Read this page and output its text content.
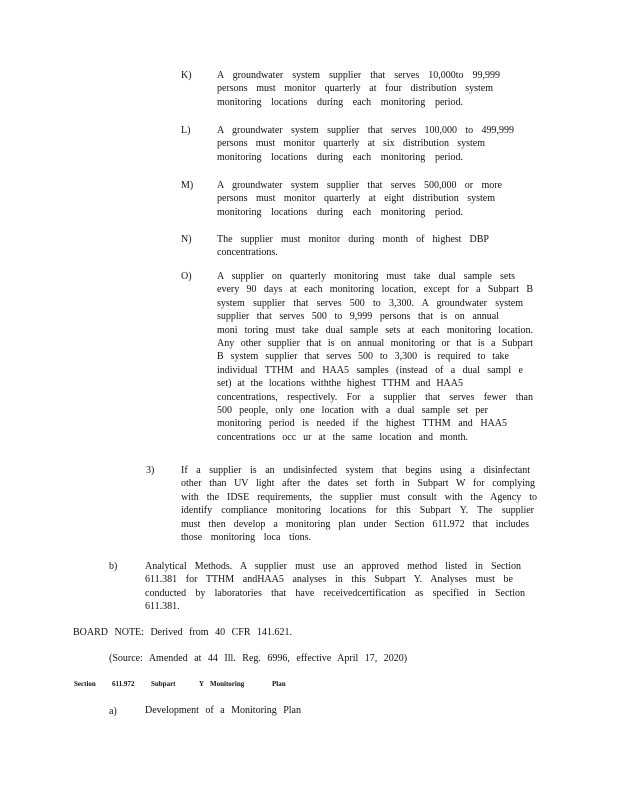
K)	A groundwater system supplier that serves 10,000to 99,999
persons must monitor quarterly at four distribution system
monitoring locations during each monitoring period.
L)	A groundwater system supplier that serves 100,000 to 499,999
persons must monitor quarterly at six distribution system
monitoring locations during each monitoring period.
M) A groundwater system supplier that serves 500,000 or more
persons must monitor quarterly at eight distribution system
monitoring locations during each monitoring period.
N)	The supplier must monitor during month of highest DBP
concentrations.
O)	A supplier on quarterly monitoring must take dual sample sets
every 90 days at each monitoring location, except for a Subpart B
system supplier that serves 500 to 3,300. A groundwater system
supplier that serves 500 to 9,999 persons that is on annual
moni toring must take dual sample sets at each monitoring location.
Any other supplier that is on annual monitoring or that is a Subpart
B system supplier that serves 500 to 3,300 is required to take
individual TTHM and HAA5 samples (instead of a dual sampl e
set) at the locations withthe highest TTHM and HAA5
concentrations, respectively. For a supplier that serves fewer than
500 people, only one location with a dual sample set per
monitoring period is needed if the highest TTHM and HAA5
concentrations occ ur at the same location and month.
3)	If a supplier is an undisinfected system that begins using a disinfectant
other than UV light after the dates set forth in Subpart W for complying
with the IDSE requirements, the supplier must consult with the Agency to
identify compliance monitoring locations for this Subpart Y. The supplier
must then develop a monitoring plan under Section 611.972 that includes
those monitoring loca tions.
b)	Analytical Methods. A supplier must use an approved method listed in Section
611.381 for TTHM andHAA5 analyses in this Subpart Y. Analyses must be
conducted by laboratories that have receivedcertification as specified in Section
611.381.
BOARD NOTE: Derived from 40 CFR 141.621.
(Source: Amended at 44 Ill. Reg. 6996, effective April 17, 2020)
Section 611.972 Subpart	Y Monitoring	Plan
a)	Development of a Monitoring Plan
